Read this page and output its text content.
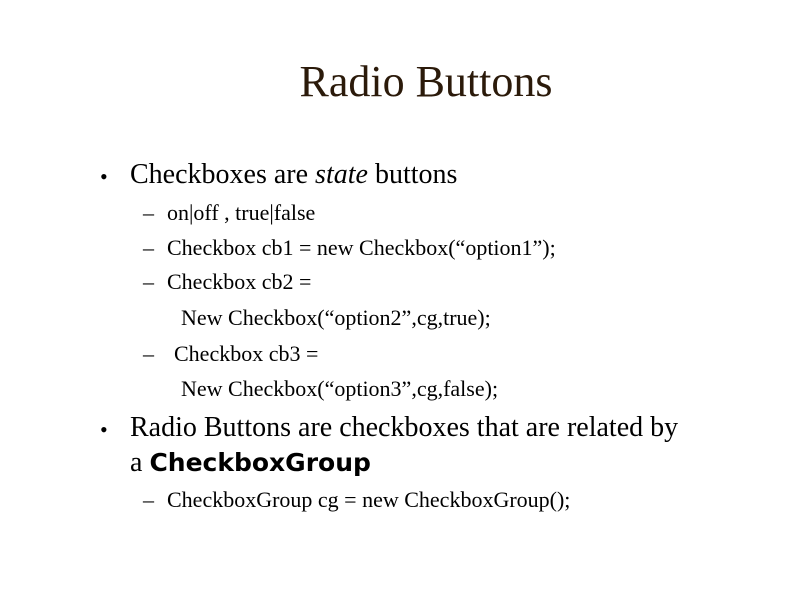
Radio Buttons
• Checkboxes are state buttons
– on|off , true|false
– Checkbox cb1 = new Checkbox(“option1”);
– Checkbox cb2 =
New Checkbox(“option2”,cg,true);
– Checkbox cb3 =
New Checkbox(“option3”,cg,false);
• Radio Buttons are checkboxes that are related by
a CheckboxGroup
– CheckboxGroup cg = new CheckboxGroup();
